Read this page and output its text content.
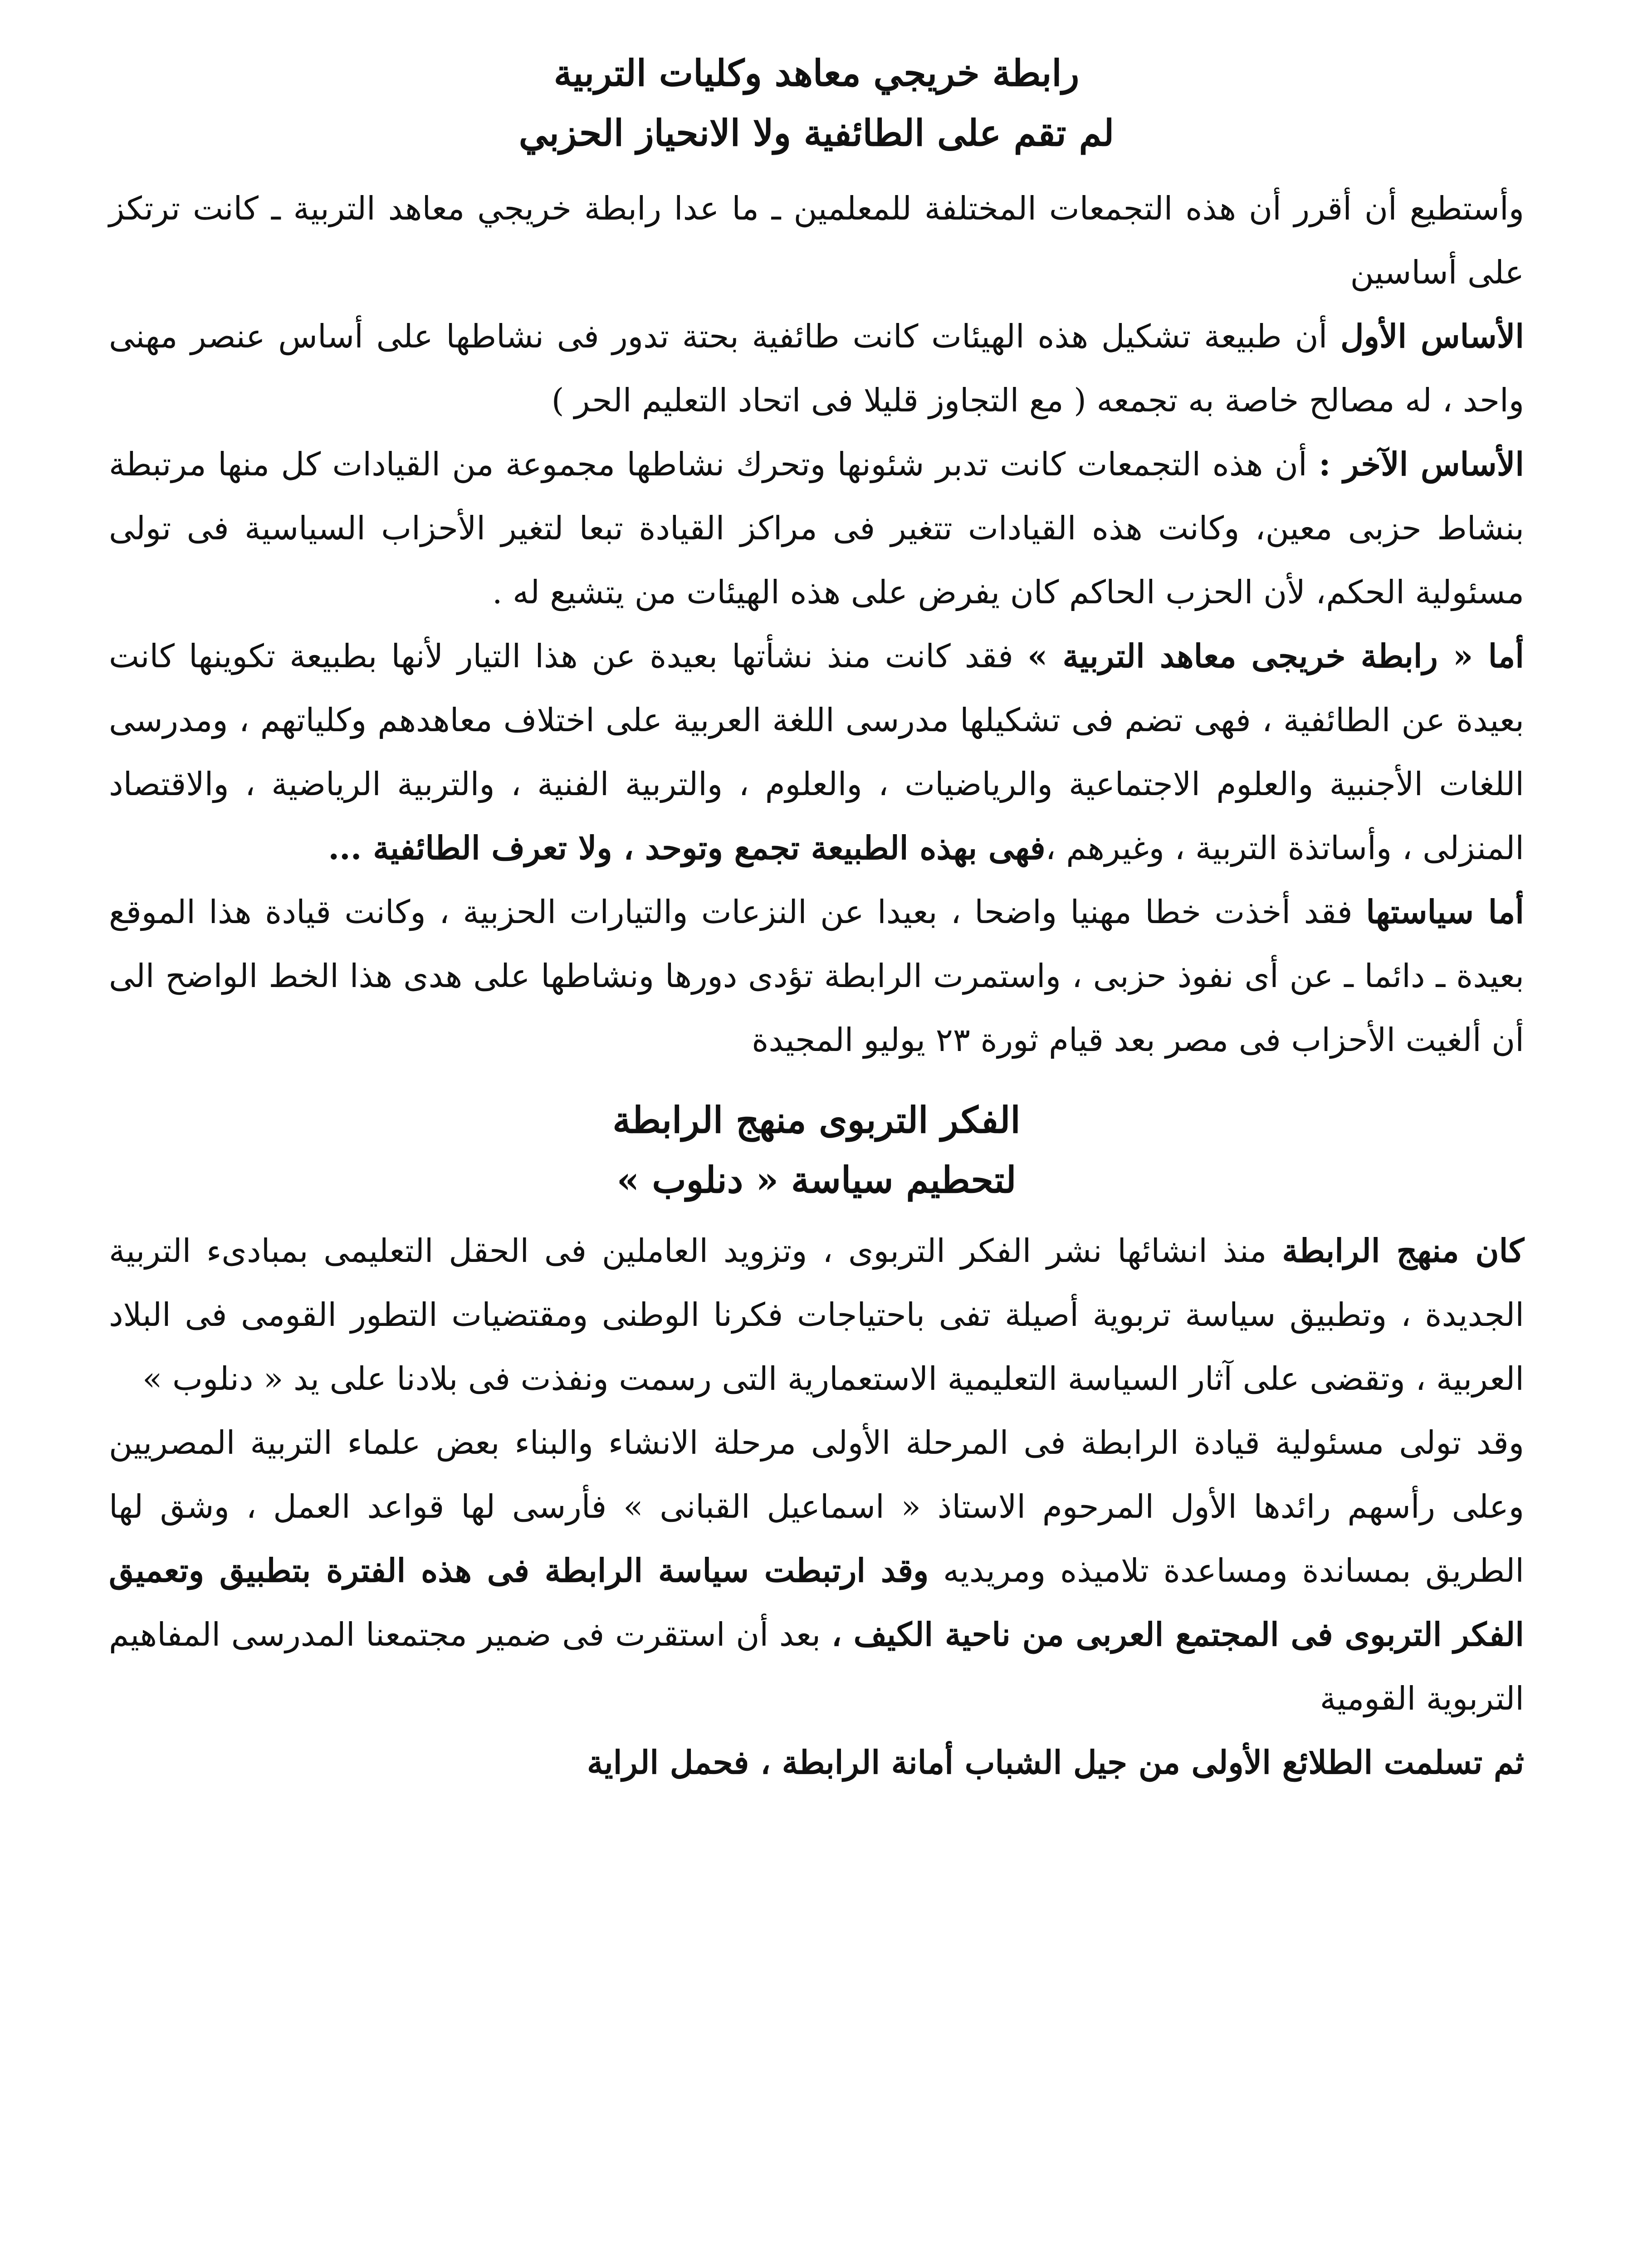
رابطة خريجي معاهد وكليات التربية

لم تقم على الطائفية ولا الانحياز الحزبي

وأستطيع أن أقرر أن هذه التجمعات المختلفة للمعلمين ـ ما عدا رابطة خريجي معاهد التربية ـ كانت ترتكز على أساسين

الأساس الأول أن طبيعة تشكيل هذه الهيئات كانت طائفية بحتة تدور فى نشاطها على أساس عنصر مهنى واحد ، له مصالح خاصة به تجمعه ( مع التجاوز قليلا فى اتحاد التعليم الحر )

الأساس الآخر : أن هذه التجمعات كانت تدبر شئونها وتحرك نشاطها مجموعة من القيادات كل منها مرتبطة بنشاط حزبى معين، وكانت هذه القيادات تتغير فى مراكز القيادة تبعا لتغير الأحزاب السياسية فى تولى مسئولية الحكم، لأن الحزب الحاكم كان يفرض على هذه الهيئات من يتشيع له .

أما « رابطة خريجى معاهد التربية » فقد كانت منذ نشأتها بعيدة عن هذا التيار لأنها بطبيعة تكوينها كانت بعيدة عن الطائفية ، فهى تضم فى تشكيلها مدرسى اللغة العربية على اختلاف معاهدهم وكلياتهم ، ومدرسى اللغات الأجنبية والعلوم الاجتماعية والرياضيات ، والعلوم ، والتربية الفنية ، والتربية الرياضية ، والاقتصاد المنزلى ، وأساتذة التربية ، وغيرهم ،فهى بهذه الطبيعة تجمع وتوحد ، ولا تعرف الطائفية ...

أما سياستها فقد أخذت خطا مهنيا واضحا ، بعيدا عن النزعات والتيارات الحزبية ، وكانت قيادة هذا الموقع بعيدة ـ دائما ـ عن أى نفوذ حزبى ، واستمرت الرابطة تؤدى دورها ونشاطها على هدى هذا الخط الواضح الى أن ألغيت الأحزاب فى مصر بعد قيام ثورة ٢٣ يوليو المجيدة

الفكر التربوى منهج الرابطة

لتحطيم سياسة « دنلوب »

كان منهج الرابطة منذ انشائها نشر الفكر التربوى ، وتزويد العاملين فى الحقل التعليمى بمبادىء التربية الجديدة ، وتطبيق سياسة تربوية أصيلة تفى باحتياجات فكرنا الوطنى ومقتضيات التطور القومى فى البلاد العربية ، وتقضى على آثار السياسة التعليمية الاستعمارية التى رسمت ونفذت فى بلادنا على يد « دنلوب »

وقد تولى مسئولية قيادة الرابطة فى المرحلة الأولى مرحلة الانشاء والبناء بعض علماء التربية المصريين وعلى رأسهم رائدها الأول المرحوم الاستاذ « اسماعيل القبانى » فأرسى لها قواعد العمل ، وشق لها الطريق بمساندة ومساعدة تلاميذه ومريديه وقد ارتبطت سياسة الرابطة فى هذه الفترة بتطبيق وتعميق الفكر التربوى فى المجتمع العربى من ناحية الكيف ، بعد أن استقرت فى ضمير مجتمعنا المدرسى المفاهيم التربوية القومية

ثم تسلمت الطلائع الأولى من جيل الشباب أمانة الرابطة ، فحمل الراية
